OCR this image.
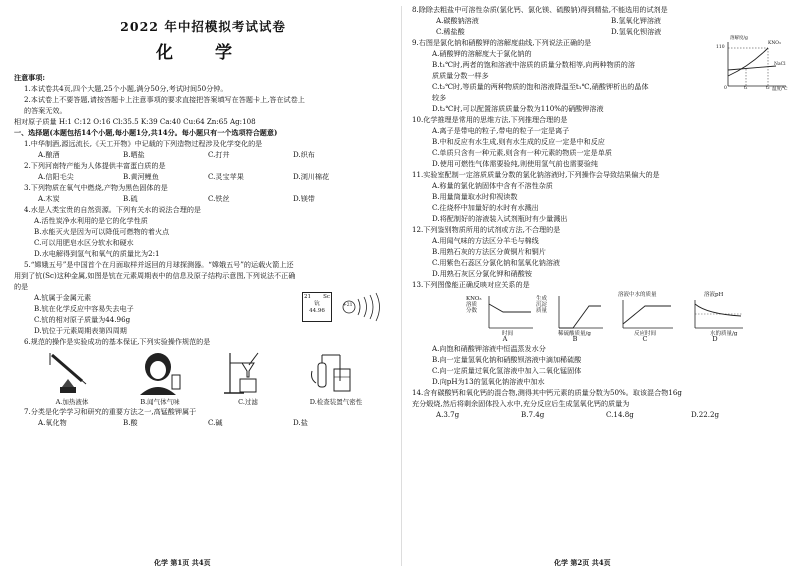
2022 年中招模拟考试试卷
化 学
注意事项:
1.本试卷共4页,四个大题,25个小题,满分50分,考试时间50分钟。
2.本试卷上不要答题,请按答题卡上注意事项的要求直接把答案填写在答题卡上,答在试卷上
的答案无效。
相对原子质量 H:1 C:12 O:16 Cl:35.5 K:39 Ca:40 Cu:64 Zn:65 Ag:108
一、选择题(本题包括14个小题,每小题1分,共14分。每小题只有一个选项符合题意)
1.中华制酒,源远流长,《天工开物》中记载的下列造物过程涉及化学变化的是
A.酿酒	B.晒盐	C.打井	D.织布
2.下列河南特产能为人体提供丰富蛋白质的是
A.信阳毛尖	B.黄河鲤鱼	C.灵宝苹果	D.浏川棉花
3.下列物质在氧气中燃烧,产物为黑色固体的是
A.木炭	B.硫	C.铁丝	D.镁带
4.水是人类宝贵的自然资源。下列有关水的说法合理的是
A.活性炭净水利用的是它的化学性质
B.水能灭火是因为可以降低可燃物的着火点
C.可以用肥皂水区分软水和硬水
D.水电解得到氢气和氧气的质量比为2:1
5.“嫦娥五号”是中国首个在月面取样并返回的月球探测器。“嫦娥五号”的运载火箭上还
用到了钪(Sc)这种金属,如图是钪在元素周期表中的信息及原子结构示意图,下列说法不正确
的是
A.钪属于金属元素
B.钪在化学反应中容易失去电子
C.钪的相对原子质量为44.96g
D.钪位于元素周期表第四周期
21 Sc
钪
44.96
+21
6.规范的操作是实验成功的基本保证,下列实验操作规范的是
A.加热液体	B.闻气体气味	C.过滤	D.检查装置气密性
7.分类是化学学习和研究的重要方法之一,高锰酸钾属于
A.氧化物	B.酸	C.碱	D.盐
化学 第1页 共4页
8.除除去粗盐中可溶性杂质(氯化钙、氯化镁、硫酸钠)得到精盐,不能选用的试剂是
A.碳酸钠溶液	B.氢氧化钾溶液
C.稀盐酸	D.氢氧化钡溶液
9.右图是氯化钠和硝酸钾的溶解度曲线,下列说法正确的是
A.硝酸钾的溶解度大于氯化钠的
B.t₁℃时,两者的饱和溶液中溶质的质量分数相等,向两种物质的溶
质质量分数一样多
C.t₂℃时,等质量的两种物质的饱和溶液降温至t₁℃,硝酸钾析出的晶体
较多
D.t₂℃时,可以配置溶质质量分数为110%的硝酸钾溶液
溶解度/g
110
KNO₃
NaCl
0	t₁	t₂ 温度/℃
10.化学推理是常用的思维方法,下列推理合理的是
A.离子是带电的粒子,带电的粒子一定是离子
B.中和反应有水生成,则有水生成的反应一定是中和反应
C.单质只含有一种元素,则含有一种元素的物质一定是单质
D.使用可燃性气体需要验纯,则使用氢气前也需要验纯
11.实验室配制一定溶质质量分数的氯化钠溶液时,下列操作会导致结果偏大的是
A.称量的氯化钠固体中含有不溶性杂质
B.用量筒量取水时仰视读数
C.往烧杯中加量好的水时有水溅出
D.将配制好的溶液装入试剂瓶时有少量溅出
12.下列鉴别物质所用的试剂或方法,不合理的是
A.用闻气味的方法区分羊毛与棉线
B.用熟石灰的方法区分黄铜片和铜片
C.用紫色石蕊区分氯化钠和氢氧化钠溶液
D.用熟石灰区分氯化钾和硝酸铵
13.下列图像能正确反映对应关系的是
KNO₃
溶质
分数
时间
A
生成
沉淀
质量
稀硫酸质量/g
B
溶液中水的质量
反应时间
C
溶液pH
水的质量/g
D
A.向饱和硝酸钾溶液中恒温蒸发水分
B.向一定量氢氧化钠和硝酸钡溶液中滴加稀硫酸
C.向一定质量过氧化氢溶液中加入二氧化锰固体
D.向pH为13的氢氧化钠溶液中加水
14.含有碳酸钙和氧化钙的混合物,测得其中钙元素的质量分数为50%。取该混合物16g
充分煅烧,然后将剩余固体投入水中,充分反应后生成氢氧化钙的质量为
A.3.7g	B.7.4g	C.14.8g	D.22.2g
化学 第2页 共4页
